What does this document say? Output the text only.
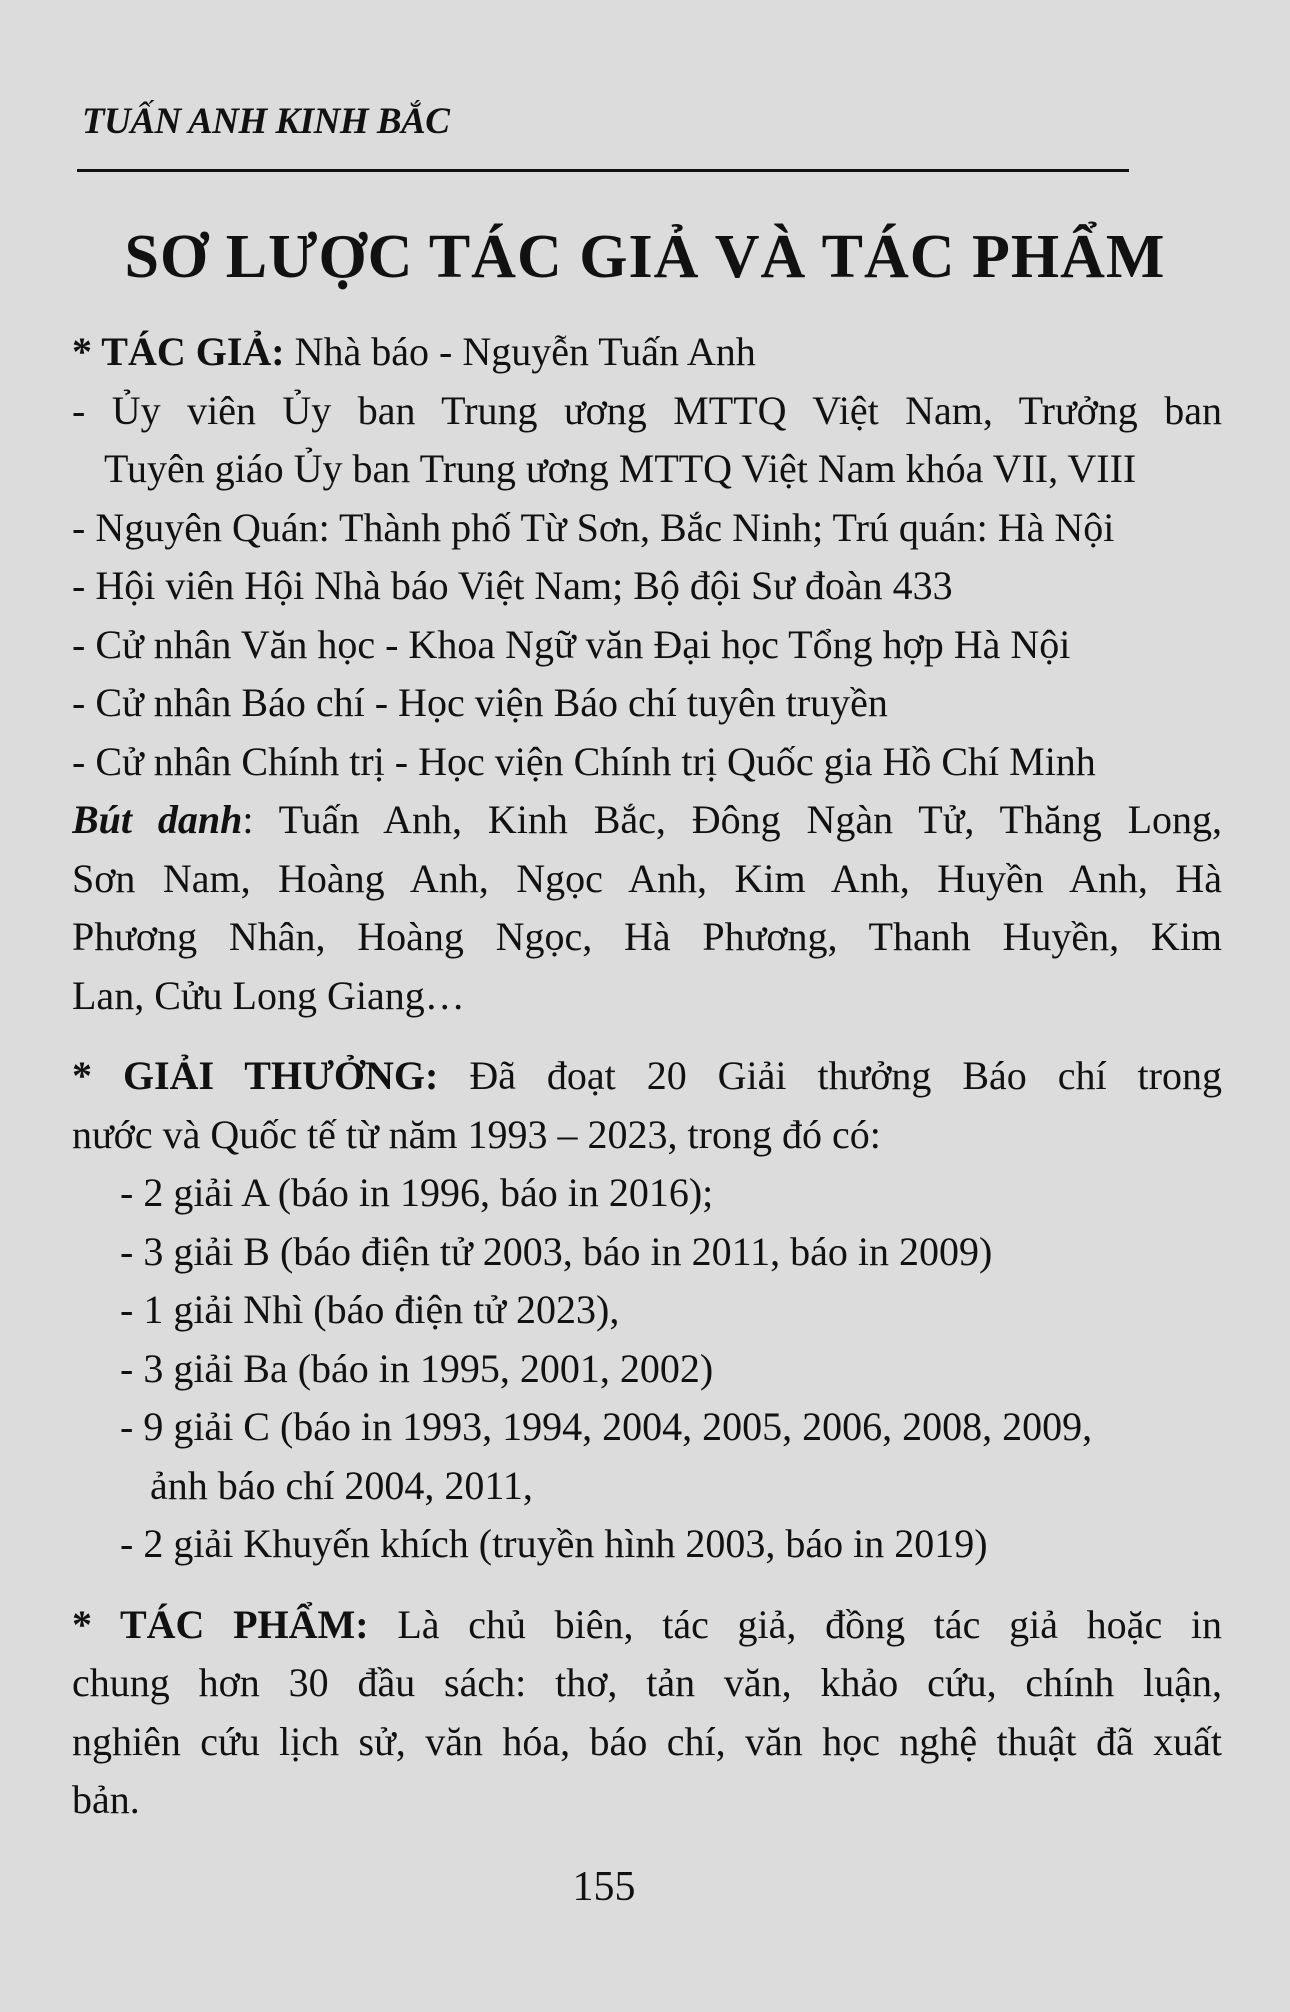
TUẤN ANH KINH BẮC
SƠ LƯỢC TÁC GIẢ VÀ TÁC PHẨM
* TÁC GIẢ: Nhà báo - Nguyễn Tuấn Anh
- Ủy viên Ủy ban Trung ương MTTQ Việt Nam, Trưởng ban
Tuyên giáo Ủy ban Trung ương MTTQ Việt Nam khóa VII, VIII
- Nguyên Quán: Thành phố Từ Sơn, Bắc Ninh; Trú quán: Hà Nội
- Hội viên Hội Nhà báo Việt Nam; Bộ đội Sư đoàn 433
- Cử nhân Văn học - Khoa Ngữ văn Đại học Tổng hợp Hà Nội
- Cử nhân Báo chí - Học viện Báo chí tuyên truyền
- Cử nhân Chính trị - Học viện Chính trị Quốc gia Hồ Chí Minh
Bút danh: Tuấn Anh, Kinh Bắc, Đông Ngàn Tử, Thăng Long,
Sơn Nam, Hoàng Anh, Ngọc Anh, Kim Anh, Huyền Anh, Hà
Phương Nhân, Hoàng Ngọc, Hà Phương, Thanh Huyền, Kim
Lan, Cửu Long Giang…
* GIẢI THƯỞNG: Đã đoạt 20 Giải thưởng Báo chí trong
nước và Quốc tế từ năm 1993 – 2023, trong đó có:
- 2 giải A (báo in 1996, báo in 2016);
- 3 giải B (báo điện tử 2003, báo in 2011, báo in 2009)
- 1 giải Nhì (báo điện tử 2023),
- 3 giải Ba (báo in 1995, 2001, 2002)
- 9 giải C (báo in 1993, 1994, 2004, 2005, 2006, 2008, 2009,
ảnh báo chí 2004, 2011,
- 2 giải Khuyến khích (truyền hình 2003, báo in 2019)
* TÁC PHẨM: Là chủ biên, tác giả, đồng tác giả hoặc in
chung hơn 30 đầu sách: thơ, tản văn, khảo cứu, chính luận,
nghiên cứu lịch sử, văn hóa, báo chí, văn học nghệ thuật đã xuất
bản.
155
